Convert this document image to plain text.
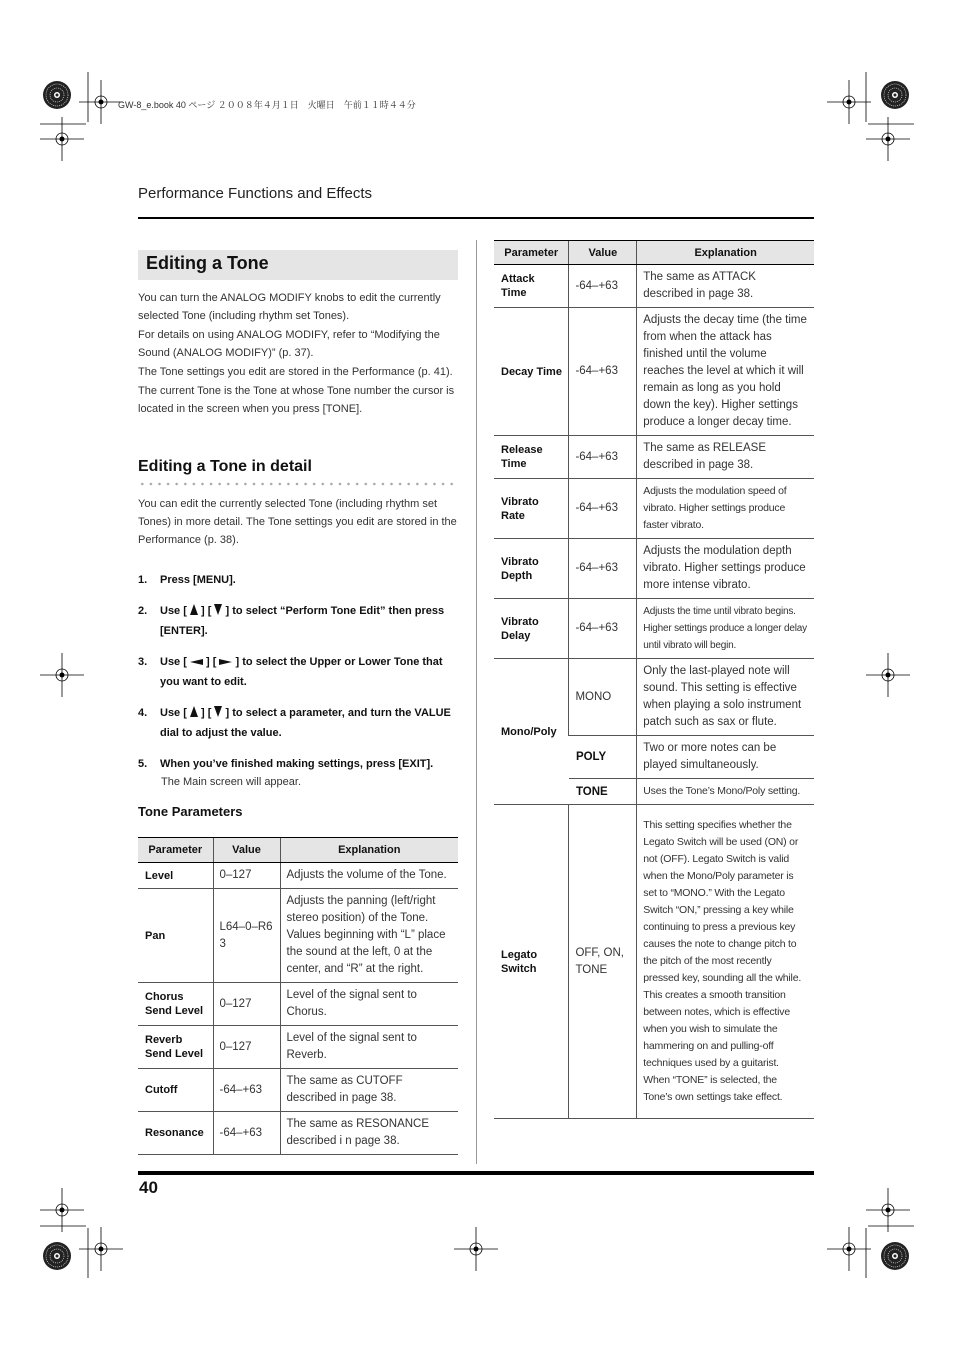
GW-8_e.book 40 ページ ２００８年４月１日　火曜日　午前１１時４４分
Performance Functions and Effects
Editing a Tone

You can turn the ANALOG MODIFY knobs to edit the currently selected Tone (including rhythm set Tones).

For details on using ANALOG MODIFY, refer to “Modifying the Sound (ANALOG MODIFY)” (p. 37).

The Tone settings you edit are stored in the Performance (p. 41).

The current Tone is the Tone at whose Tone number the cursor is located in the screen when you press [TONE].

Editing a Tone in detail

You can edit the currently selected Tone (including rhythm set Tones) in more detail. The Tone settings you edit are stored in the Performance (p. 38).

1.	Press [MENU].
2.	Use [ ] [ ] to select “Perform Tone Edit” then press [ENTER].
3.	Use [ ] [ ] to select the Upper or Lower Tone that you want to edit.
4.	Use [ ] [ ] to select a parameter, and turn the VALUE dial to adjust the value.
5.	When you’ve finished making settings, press [EXIT].
The Main screen will appear.
Tone Parameters
Parameter	Value	Explanation
Level	0–127	Adjusts the volume of the Tone.
Pan	L64–0–R63	Adjusts the panning (left/right stereo position) of the Tone. Values beginning with “L” place the sound at the left, 0 at the center, and “R” at the right.
Chorus Send Level	0–127	Level of the signal sent to Chorus.
Reverb Send Level	0–127	Level of the signal sent to Reverb.
Cutoff	-64–+63	The same as CUTOFF described in page 38.
Resonance	-64–+63	The same as RESONANCE described i n page 38.
Parameter	Value	Explanation
Attack Time	-64–+63	The same as ATTACK described in page 38.
Decay Time	-64–+63	Adjusts the decay time (the time from when the attack has finished until the volume reaches the level at which it will remain as long as you hold down the key). Higher settings produce a longer decay time.
Release Time	-64–+63	The same as RELEASE described in page 38.
Vibrato Rate	-64–+63	Adjusts the modulation speed of vibrato. Higher settings produce faster vibrato.
Vibrato Depth	-64–+63	Adjusts the modulation depth vibrato. Higher settings produce more intense vibrato.
Vibrato Delay	-64–+63	Adjusts the time until vibrato begins. Higher settings produce a longer delay until vibrato will begin.
Mono/Poly	MONO	Only the last-played note will sound. This setting is effective when playing a solo instrument patch such as sax or flute.
	POLY	Two or more notes can be played simultaneously.
	TONE	Uses the Tone’s Mono/Poly setting.
Legato Switch	OFF, ON, TONE	This setting specifies whether the Legato Switch will be used (ON) or not (OFF). Legato Switch is valid when the Mono/Poly parameter is set to “MONO.” With the Legato Switch “ON,” pressing a key while continuing to press a previous key causes the note to change pitch to the pitch of the most recently pressed key, sounding all the while. This creates a smooth transition between notes, which is effective when you wish to simulate the hammering on and pulling-off techniques used by a guitarist. When “TONE” is selected, the Tone’s own settings take effect.
40
